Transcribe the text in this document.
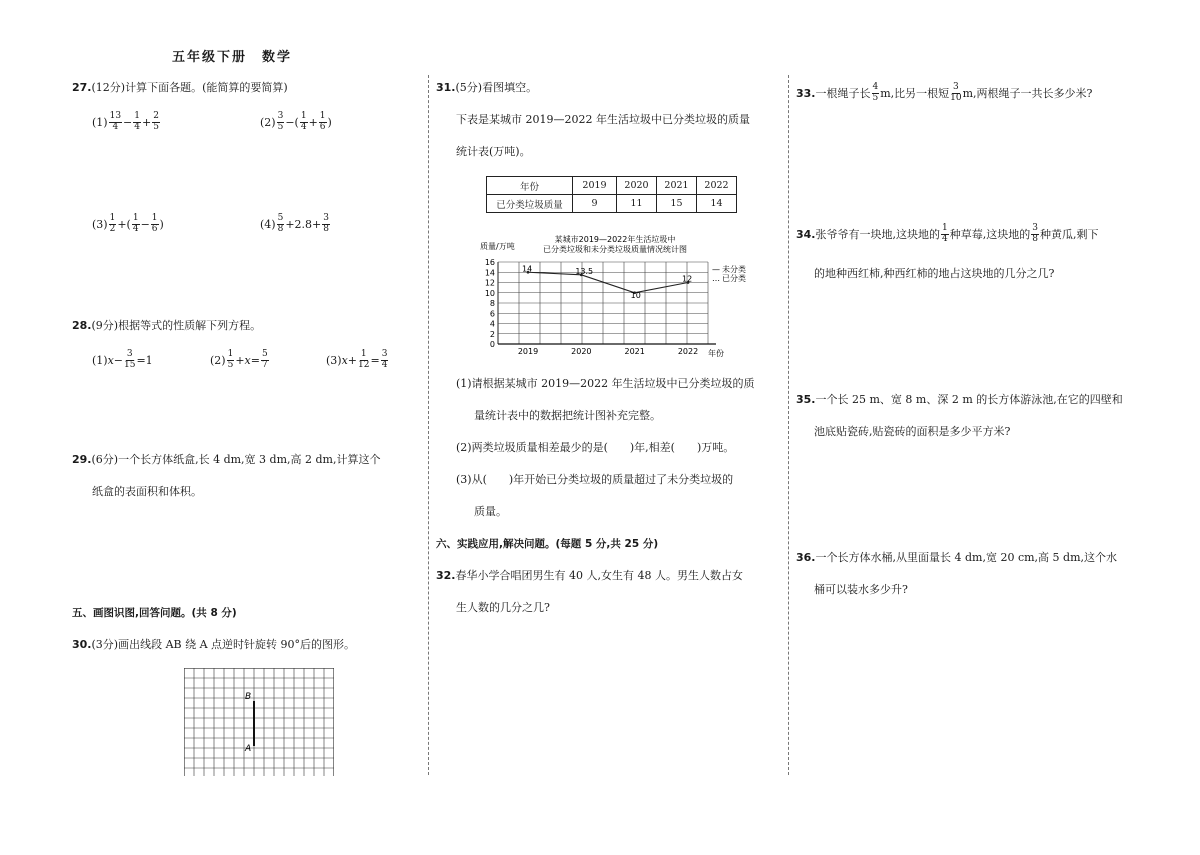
五年级下册　数学
27.(12分)计算下面各题。(能简算的要简算)
$(1) \frac{13}{4} - \frac{1}{4} + \frac{2}{5}$	$(2) \frac{3}{5}$ −( $\frac{1}{4} + \frac{1}{6}$ )
$(3) \frac{1}{2}$ +( $\frac{1}{4} - \frac{1}{6}$ )	$(4) \frac{5}{8} +2.8+ \frac{3}{8}$
28.(9分)根据等式的性质解下列方程。
(1) $x- \frac{3}{15} =1$	$(2) \frac{1}{5} +x= \frac{5}{7}$	(3) $x+ \frac{1}{12} = \frac{3}{4}$
29.(6分)一个长方体纸盒,长 4 dm,宽 3 dm,高 2 dm,计算这个
纸盒的表面积和体积。
五、画图识图,回答问题。(共 8 分)
30.(3分)画出线段 AB 绕 A 点逆时针旋转 90°后的图形。
B
A
31.(5分)看图填空。
下表是某城市 2019—2022 年生活垃圾中已分类垃圾的质量
统计表(万吨)。
年份	2019	2020	2021	2022
已分类垃圾质量	9	11	15	14
质量/万吨
某城市2019—2022年生活垃圾中
已分类垃圾和未分类垃圾质量情况统计图
0
2
4
6
8
10
12
14
16
2019	2020	2021	2022
14	13.5
10
12
年份
— 未分类
… 已分类
(1)请根据某城市 2019—2022 年生活垃圾中已分类垃圾的质
量统计表中的数据把统计图补充完整。
(2)两类垃圾质量相差最少的是(　　)年,相差(　　)万吨。
(3)从(　　)年开始已分类垃圾的质量超过了未分类垃圾的
质量。
六、实践应用,解决问题。(每题 5 分,共 25 分)
32.春华小学合唱团男生有 40 人,女生有 48 人。男生人数占女
生人数的几分之几?
33. 一根绳子长 $\frac{4}{5} m$,比另一根短 $\frac{3}{10} m$,两根绳子一共长多少米?
34. 张爷爷有一块地,这块地的 $\frac{1}{4}$ 种草莓,这块地的 $\frac{3}{8}$ 种黄瓜,剩下
的地种西红柿,种西红柿的地占这块地的几分之几?
35.一个长 25 m、宽 8 m、深 2 m 的长方体游泳池,在它的四壁和
池底贴瓷砖,贴瓷砖的面积是多少平方米?
36.一个长方体水桶,从里面量长 4 dm,宽 20 cm,高 5 dm,这个水
桶可以装水多少升?
